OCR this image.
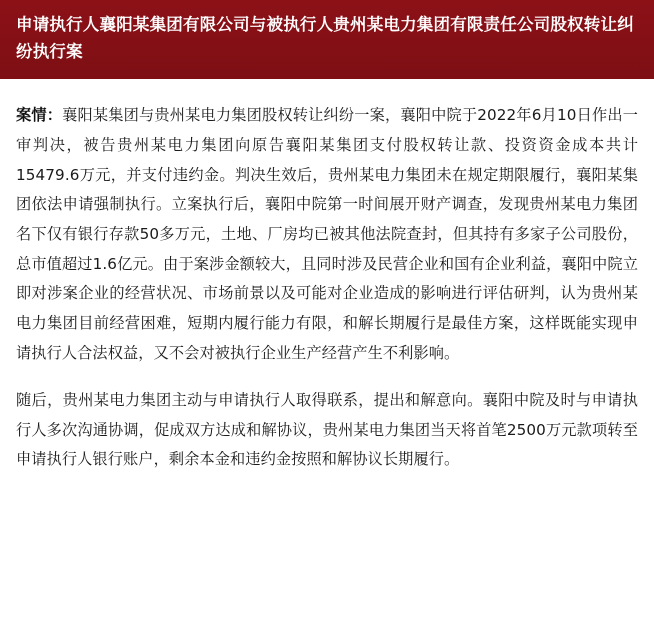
申请执行人襄阳某集团有限公司与被执行人贵州某电力集团有限责任公司股权转让纠纷执行案

案情：襄阳某集团与贵州某电力集团股权转让纠纷一案，襄阳中院于2022年6月10日作出一审判决，被告贵州某电力集团向原告襄阳某集团支付股权转让款、投资资金成本共计15479.6万元，并支付违约金。判决生效后，贵州某电力集团未在规定期限履行，襄阳某集团依法申请强制执行。立案执行后，襄阳中院第一时间展开财产调查，发现贵州某电力集团名下仅有银行存款50多万元，土地、厂房均已被其他法院查封，但其持有多家子公司股份，总市值超过1.6亿元。由于案涉金额较大，且同时涉及民营企业和国有企业利益，襄阳中院立即对涉案企业的经营状况、市场前景以及可能对企业造成的影响进行评估研判，认为贵州某电力集团目前经营困难，短期内履行能力有限，和解长期履行是最佳方案，这样既能实现申请执行人合法权益，又不会对被执行企业生产经营产生不利影响。

随后，贵州某电力集团主动与申请执行人取得联系，提出和解意向。襄阳中院及时与申请执行人多次沟通协调，促成双方达成和解协议，贵州某电力集团当天将首笔2500万元款项转至申请执行人银行账户，剩余本金和违约金按照和解协议长期履行。
